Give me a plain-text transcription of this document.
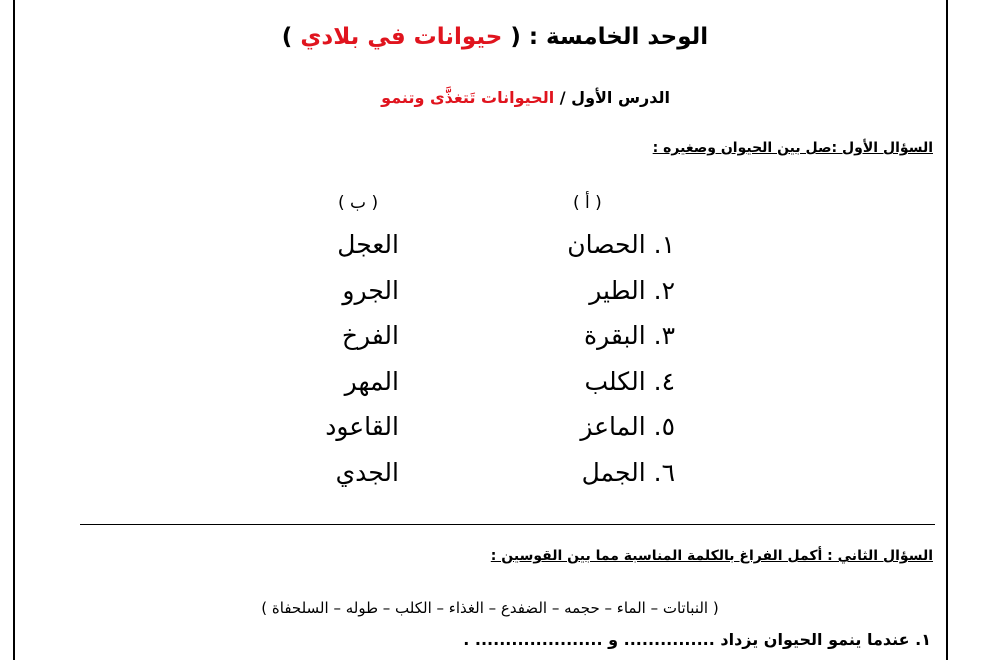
الوحد الخامسة : ( حيوانات في بلادي )
الدرس الأول / الحيوانات تَتغذَّى وتنمو
السؤال الأول :صل بين الحيوان وصغيره :
( أ )
( ب )
١. الحصان
٢. الطير
٣. البقرة
٤. الكلب
٥. الماعز
٦. الجمل
العجل
الجرو
الفرخ
المهر
القاعود
الجدي
السؤال الثاني : أكمل الفراغ بالكلمة المناسبة مما بين القوسين :
( النباتات – الماء – حجمه – الضفدع – الغذاء – الكلب – طوله – السلحفاة )
١. عندما ينمو الحيوان يزداد ............... و ..................... .
